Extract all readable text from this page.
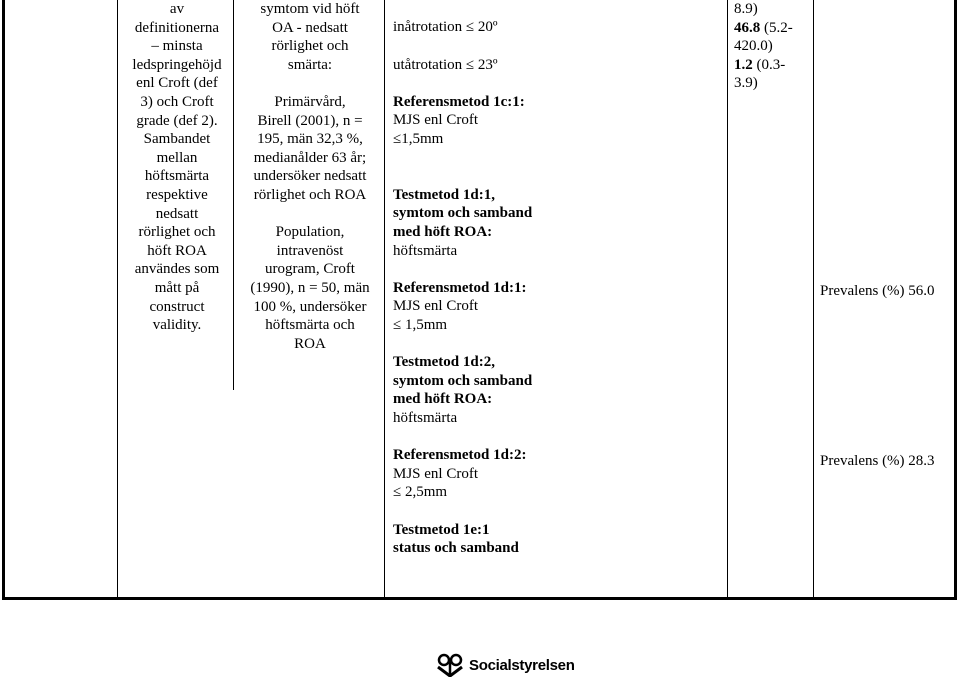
av
definitionerna
– minsta
ledspringehöjd
enl Croft (def
3) och Croft
grade (def 2).
Sambandet
mellan
höftsmärta
respektive
nedsatt
rörlighet och
höft ROA
användes som
mått på
construct
validity.
symtom vid höft
OA - nedsatt
rörlighet och
smärta:
Primärvård,
Birell (2001), n =
195, män 32,3 %,
medianålder 63 år;
undersöker nedsatt
rörlighet och ROA
Population,
intravenöst
urogram, Croft
(1990), n = 50, män
100 %, undersöker
höftsmärta och
ROA
inåtrotation ≤ 20º
utåtrotation ≤ 23º
Referensmetod 1c:1:
MJS enl Croft
≤1,5mm
Testmetod 1d:1,
symtom och samband
med höft ROA:
höftsmärta
Referensmetod 1d:1:
MJS enl Croft
≤ 1,5mm
Testmetod 1d:2,
symtom och samband
med höft ROA:
höftsmärta
Referensmetod 1d:2:
MJS enl Croft
≤ 2,5mm
Testmetod 1e:1
status och samband
8.9)
46.8 (5.2-
420.0)
1.2 (0.3-
3.9)
Prevalens (%) 56.0
Prevalens (%) 28.3
Socialstyrelsen
